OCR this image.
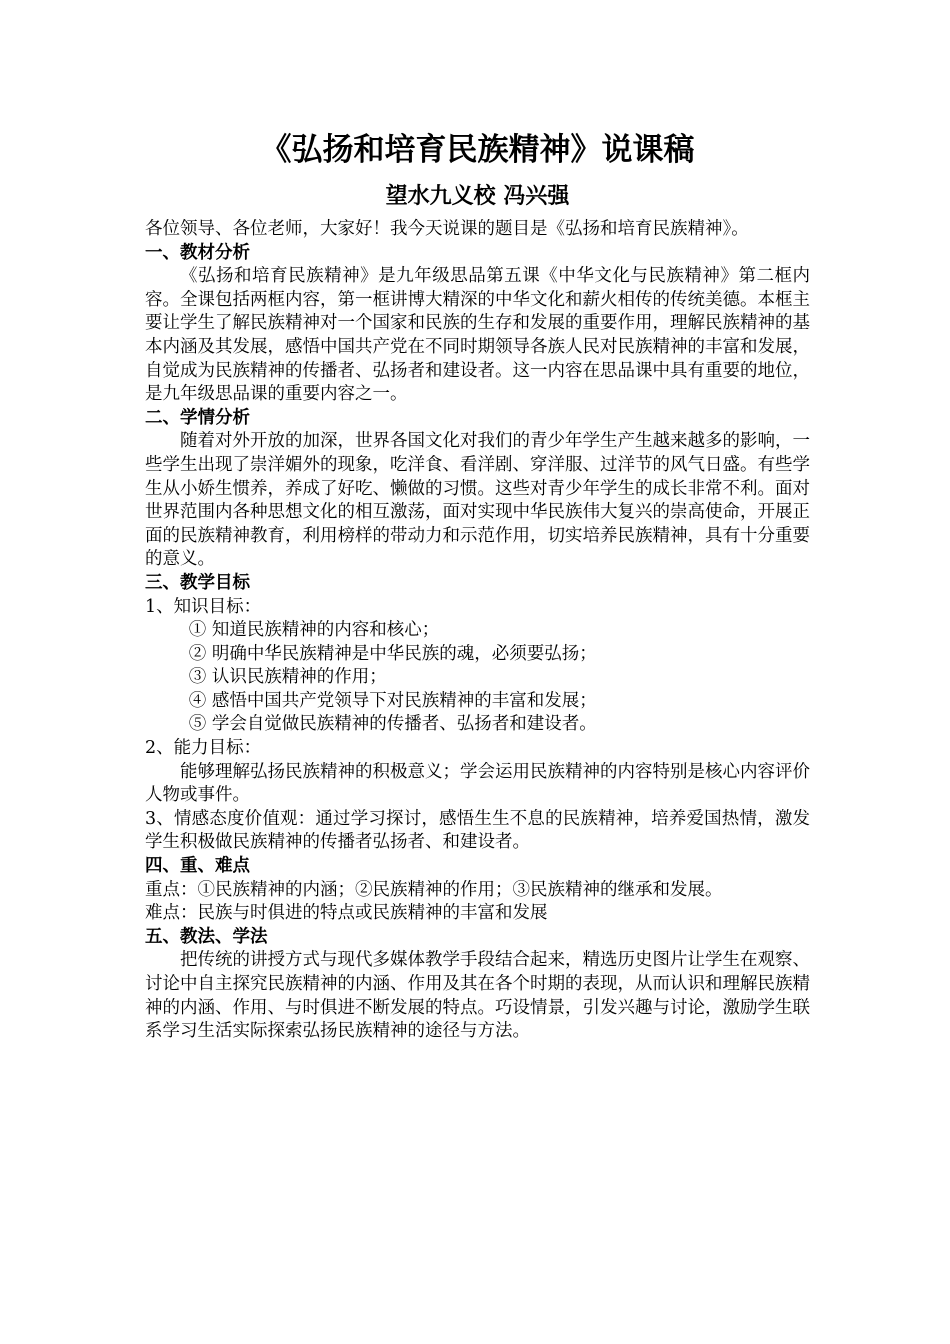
《弘扬和培育民族精神》说课稿
望水九义校 冯兴强

各位领导、各位老师，大家好！我今天说课的题目是《弘扬和培育民族精神》。

一、教材分析

《弘扬和培育民族精神》是九年级思品第五课《中华文化与民族精神》第二框内容。全课包括两框内容，第一框讲博大精深的中华文化和薪火相传的传统美德。本框主要让学生了解民族精神对一个国家和民族的生存和发展的重要作用，理解民族精神的基本内涵及其发展，感悟中国共产党在不同时期领导各族人民对民族精神的丰富和发展，自觉成为民族精神的传播者、弘扬者和建设者。这一内容在思品课中具有重要的地位，是九年级思品课的重要内容之一。

二、学情分析

随着对外开放的加深，世界各国文化对我们的青少年学生产生越来越多的影响，一些学生出现了崇洋媚外的现象，吃洋食、看洋剧、穿洋服、过洋节的风气日盛。有些学生从小娇生惯养，养成了好吃、懒做的习惯。这些对青少年学生的成长非常不利。面对世界范围内各种思想文化的相互激荡，面对实现中华民族伟大复兴的崇高使命，开展正面的民族精神教育，利用榜样的带动力和示范作用，切实培养民族精神，具有十分重要的意义。

三、教学目标

1、知识目标：

① 知道民族精神的内容和核心；

② 明确中华民族精神是中华民族的魂，必须要弘扬；

③ 认识民族精神的作用；

④ 感悟中国共产党领导下对民族精神的丰富和发展；

⑤ 学会自觉做民族精神的传播者、弘扬者和建设者。

2、能力目标：

能够理解弘扬民族精神的积极意义；学会运用民族精神的内容特别是核心内容评价人物或事件。

3、情感态度价值观：通过学习探讨，感悟生生不息的民族精神，培养爱国热情，激发学生积极做民族精神的传播者弘扬者、和建设者。

四、重、难点

重点：①民族精神的内涵；②民族精神的作用；③民族精神的继承和发展。

难点：民族与时俱进的特点或民族精神的丰富和发展

五、教法、学法

把传统的讲授方式与现代多媒体教学手段结合起来，精选历史图片让学生在观察、讨论中自主探究民族精神的内涵、作用及其在各个时期的表现，从而认识和理解民族精神的内涵、作用、与时俱进不断发展的特点。巧设情景，引发兴趣与讨论，激励学生联系学习生活实际探索弘扬民族精神的途径与方法。
